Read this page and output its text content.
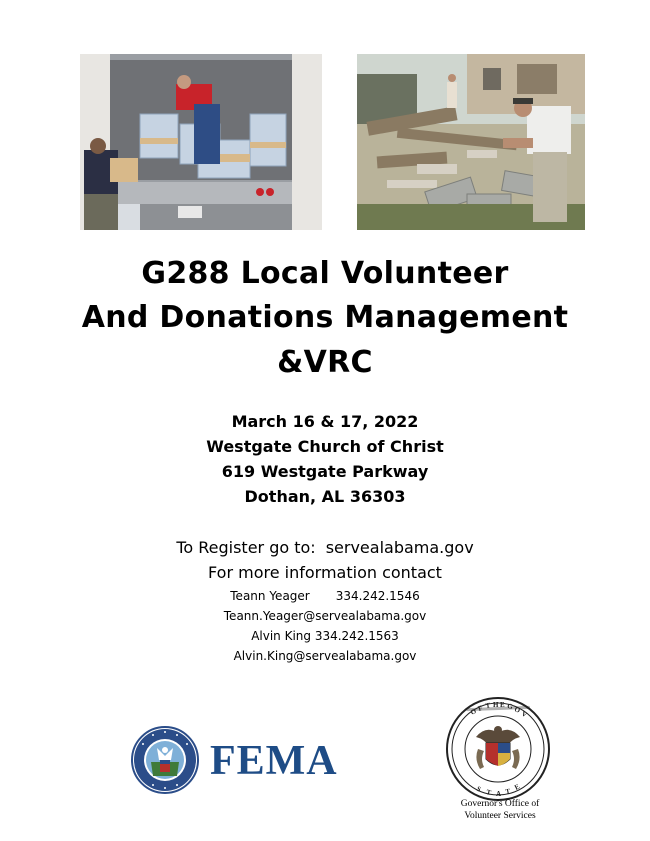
G288 Local Volunteer
And Donations Management
&VRC
March 16 & 17, 2022
Westgate Church of Christ
619 Westgate Parkway
Dothan, AL 36303
To Register go to: servealabama.gov
For more information contact
Teann Yeager 334.242.1546
Teann.Yeager@servealabama.gov
Alvin King 334.242.1563
Alvin.King@servealabama.gov
FEMA
O F T H E G O
V
S T A T E
Governor's Office of
Volunteer Services
